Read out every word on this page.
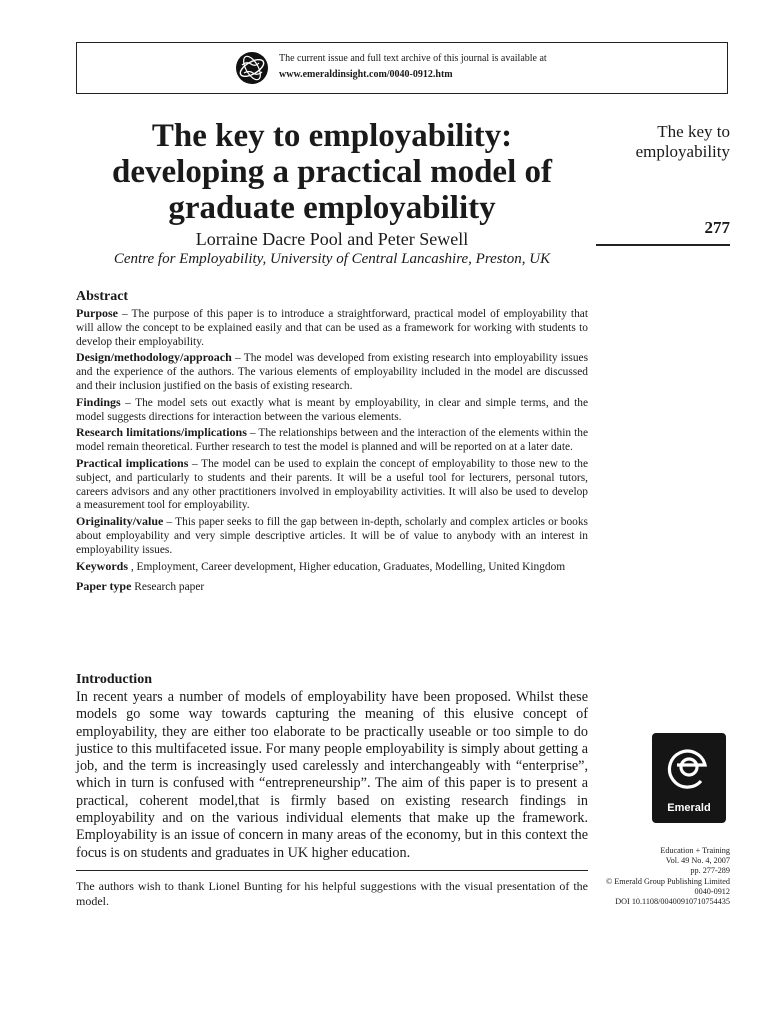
The current issue and full text archive of this journal is available at
www.emeraldinsight.com/0040-0912.htm
The key to employability:
developing a practical model of
graduate employability
Lorraine Dacre Pool and Peter Sewell
Centre for Employability, University of Central Lancashire, Preston, UK
The key to
employability
277
Abstract

Purpose – The purpose of this paper is to introduce a straightforward, practical model of employability that will allow the concept to be explained easily and that can be used as a framework for working with students to develop their employability.

Design/methodology/approach – The model was developed from existing research into employability issues and the experience of the authors. The various elements of employability included in the model are discussed and their inclusion justified on the basis of existing research.

Findings – The model sets out exactly what is meant by employability, in clear and simple terms, and the model suggests directions for interaction between the various elements.

Research limitations/implications – The relationships between and the interaction of the elements within the model remain theoretical. Further research to test the model is planned and will be reported on at a later date.

Practical implications – The model can be used to explain the concept of employability to those new to the subject, and particularly to students and their parents. It will be a useful tool for lecturers, personal tutors, careers advisors and any other practitioners involved in employability activities. It will also be used to develop a measurement tool for employability.

Originality/value – This paper seeks to fill the gap between in-depth, scholarly and complex articles or books about employability and very simple descriptive articles. It will be of value to anybody with an interest in employability issues.

Keywords , Employment, Career development, Higher education, Graduates, Modelling, United Kingdom

Paper type Research paper

Introduction

In recent years a number of models of employability have been proposed. Whilst these models go some way towards capturing the meaning of this elusive concept of employability, they are either too elaborate to be practically useable or too simple to do justice to this multifaceted issue. For many people employability is simply about getting a job, and the term is increasingly used carelessly and interchangeably with “enterprise”, which in turn is confused with “entrepreneurship”. The aim of this paper is to present a practical, coherent model,that is firmly based on existing research findings in employability and on the various individual elements that make up the framework. Employability is an issue of concern in many areas of the economy, but in this context the focus is on students and graduates in UK higher education.

The authors wish to thank Lionel Bunting for his helpful suggestions with the visual presentation of the model.

Emerald
Education + Training
Vol. 49 No. 4, 2007
pp. 277-289
© Emerald Group Publishing Limited
0040-0912
DOI 10.1108/00400910710754435
